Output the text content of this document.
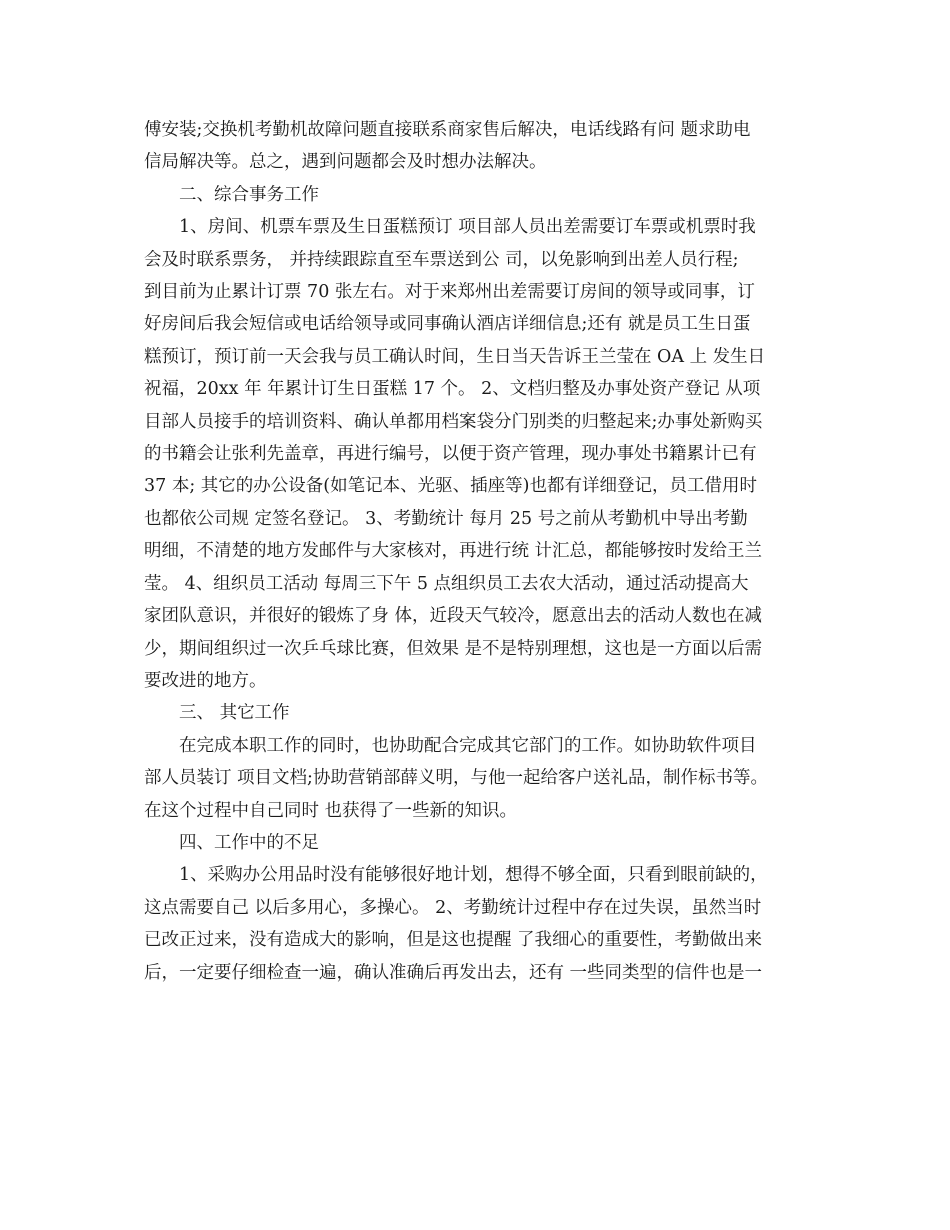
傅安装;交换机考勤机故障问题直接联系商家售后解决，电话线路有问 题求助电

信局解决等。总之，遇到问题都会及时想办法解决。

二、综合事务工作

1、房间、机票车票及生日蛋糕预订 项目部人员出差需要订车票或机票时我

会及时联系票务， 并持续跟踪直至车票送到公 司，以免影响到出差人员行程;

到目前为止累计订票 70 张左右。对于来郑州出差需要订房间的领导或同事，订

好房间后我会短信或电话给领导或同事确认酒店详细信息;还有 就是员工生日蛋

糕预订，预订前一天会我与员工确认时间，生日当天告诉王兰莹在 OA 上 发生日

祝福，20xx 年 年累计订生日蛋糕 17 个。 2、文档归整及办事处资产登记 从项

目部人员接手的培训资料、确认单都用档案袋分门别类的归整起来;办事处新购买

的书籍会让张利先盖章，再进行编号，以便于资产管理，现办事处书籍累计已有

37 本; 其它的办公设备(如笔记本、光驱、插座等)也都有详细登记，员工借用时

也都依公司规 定签名登记。 3、考勤统计 每月 25 号之前从考勤机中导出考勤

明细，不清楚的地方发邮件与大家核对，再进行统 计汇总，都能够按时发给王兰

莹。 4、组织员工活动 每周三下午 5 点组织员工去农大活动，通过活动提高大

家团队意识，并很好的锻炼了身 体，近段天气较冷，愿意出去的活动人数也在减

少，期间组织过一次乒乓球比赛，但效果 是不是特别理想，这也是一方面以后需

要改进的地方。

三、 其它工作

在完成本职工作的同时，也协助配合完成其它部门的工作。如协助软件项目

部人员装订 项目文档;协助营销部薛义明，与他一起给客户送礼品，制作标书等。

在这个过程中自己同时 也获得了一些新的知识。

四、工作中的不足

1、采购办公用品时没有能够很好地计划，想得不够全面，只看到眼前缺的，

这点需要自己 以后多用心，多操心。 2、考勤统计过程中存在过失误，虽然当时

已改正过来，没有造成大的影响，但是这也提醒 了我细心的重要性，考勤做出来

后，一定要仔细检查一遍，确认准确后再发出去，还有 一些同类型的信件也是一
